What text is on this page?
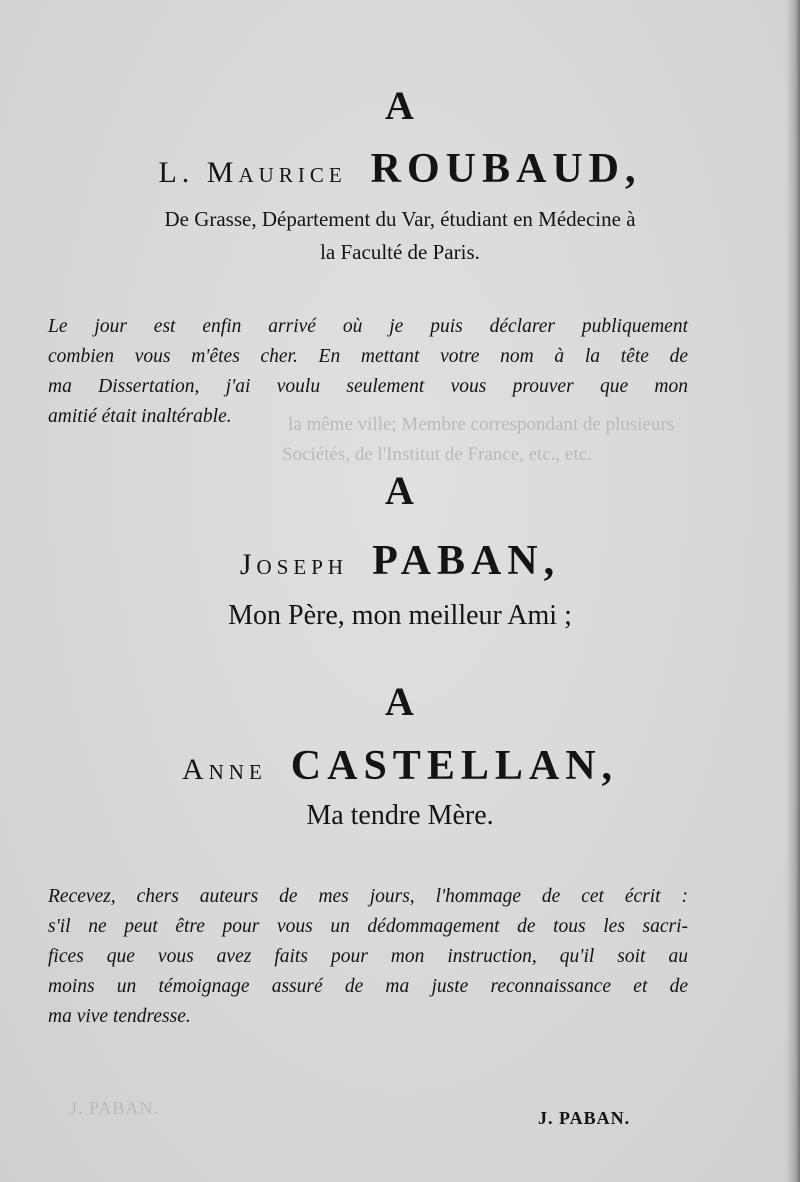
la même ville; Membre correspondant de plusieurs
Sociétés, de l'Institut de France, etc., etc.
J. PABAN.
A
L. Maurice ROUBAUD,
De Grasse, Département du Var, étudiant en Médecine à
la Faculté de Paris.
Le jour est enfin arrivé où je puis déclarer publiquement
combien vous m'êtes cher. En mettant votre nom à la tête de
ma Dissertation, j'ai voulu seulement vous prouver que mon
amitié était inaltérable.
A
Joseph PABAN,
Mon Père, mon meilleur Ami ;
A
Anne CASTELLAN,
Ma tendre Mère.
Recevez, chers auteurs de mes jours, l'hommage de cet écrit :
s'il ne peut être pour vous un dédommagement de tous les sacri-
fices que vous avez faits pour mon instruction, qu'il soit au
moins un témoignage assuré de ma juste reconnaissance et de
ma vive tendresse.
J. PABAN.
